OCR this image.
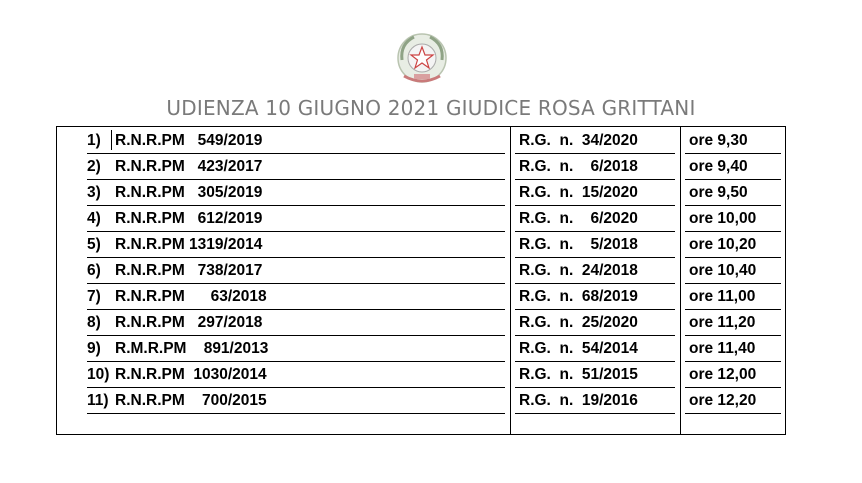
UDIENZA 10 GIUGNO 2021 GIUDICE ROSA GRITTANI
1) R.N.R.PM   549/2019	R.G.  n.  34/2020	ore 9,30
2) R.N.R.PM   423/2017	R.G.  n.    6/2018	ore 9,40
3) R.N.R.PM   305/2019	R.G.  n.  15/2020	ore 9,50
4) R.N.R.PM   612/2019	R.G.  n.    6/2020	ore 10,00
5) R.N.R.PM 1319/2014	R.G.  n.    5/2018	ore 10,20
6) R.N.R.PM   738/2017	R.G.  n.  24/2018	ore 10,40
7) R.N.R.PM      63/2018	R.G.  n.  68/2019	ore 11,00
8) R.N.R.PM   297/2018	R.G.  n.  25/2020	ore 11,20
9) R.M.R.PM    891/2013	R.G.  n.  54/2014	ore 11,40
10) R.N.R.PM  1030/2014	R.G.  n.  51/2015	ore 12,00
11) R.N.R.PM    700/2015	R.G.  n.  19/2016	ore 12,20
